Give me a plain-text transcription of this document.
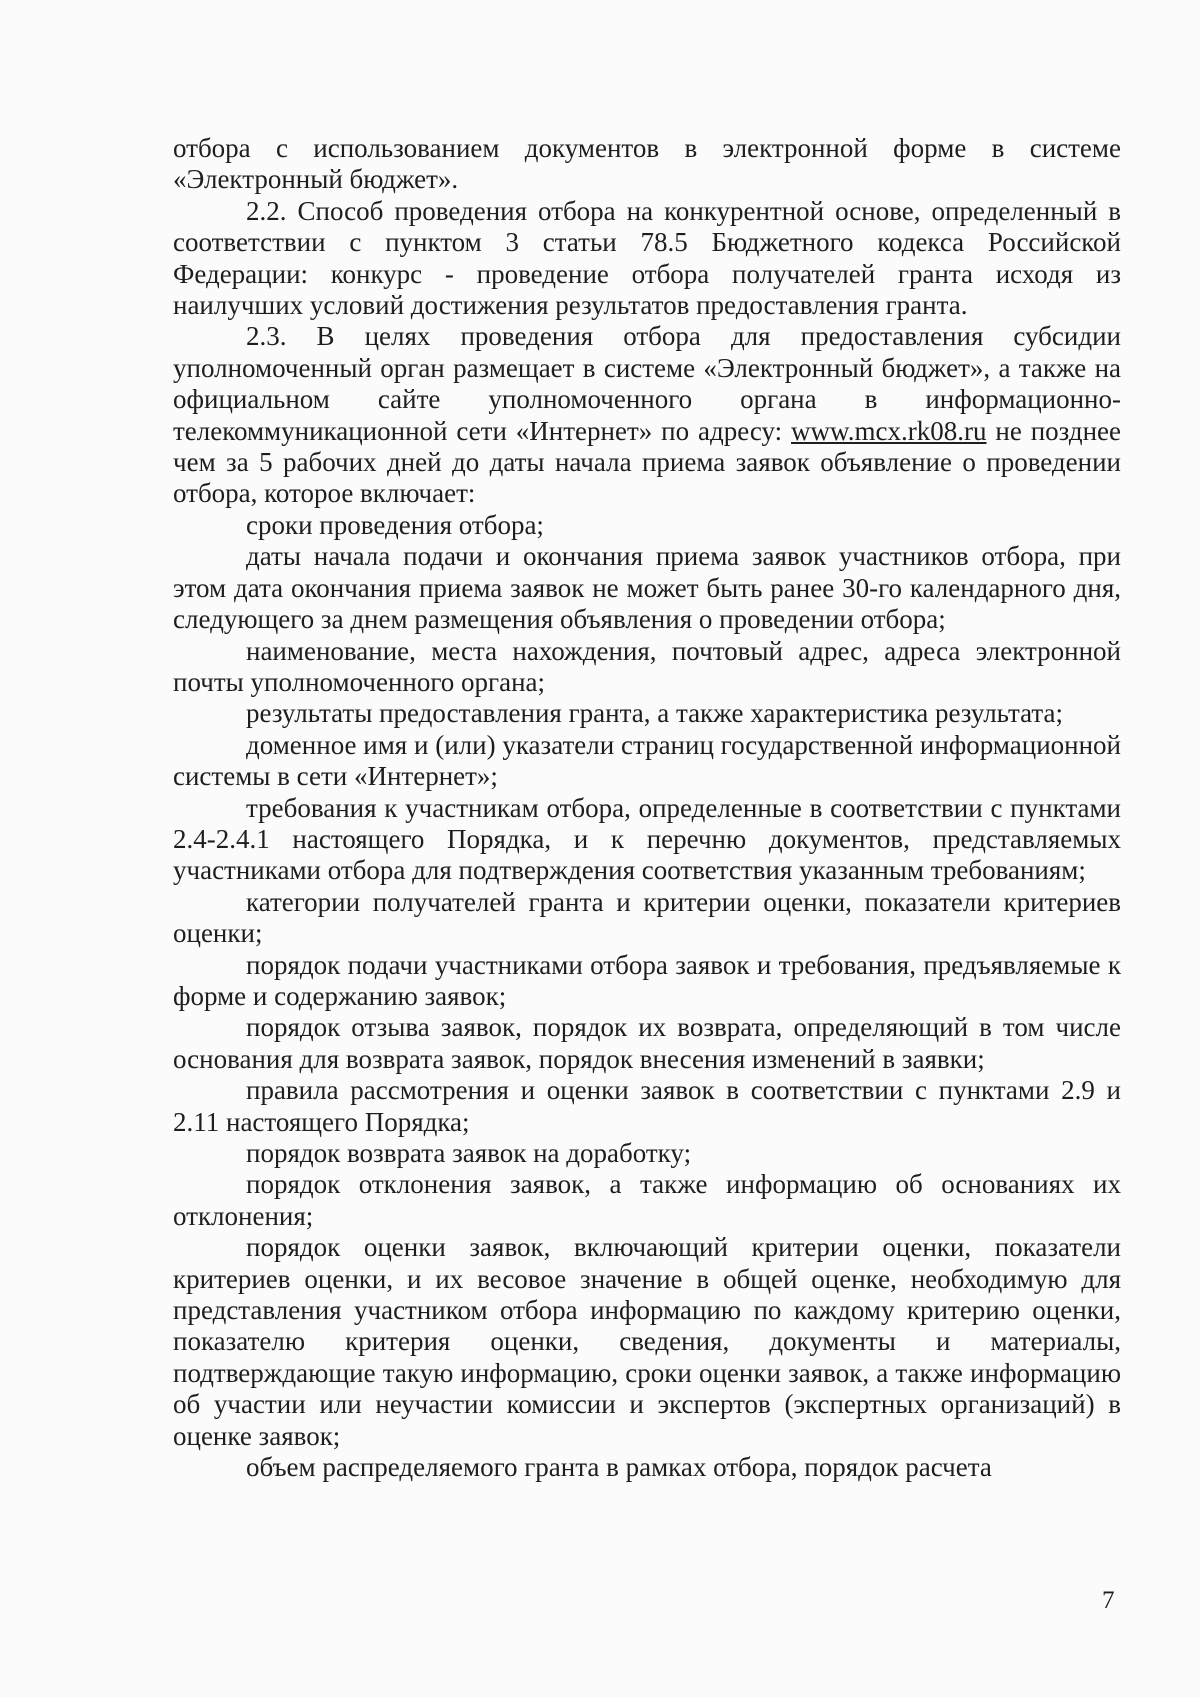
отбора с использованием документов в электронной форме в системе «Электронный бюджет».

2.2. Способ проведения отбора на конкурентной основе, определенный в соответствии с пунктом 3 статьи 78.5 Бюджетного кодекса Российской Федерации: конкурс - проведение отбора получателей гранта исходя из наилучших условий достижения результатов предоставления гранта.

2.3. В целях проведения отбора для предоставления субсидии уполномоченный орган размещает в системе «Электронный бюджет», а также на официальном сайте уполномоченного органа в информационно-телекоммуникационной сети «Интернет» по адресу: www.mcx.rk08.ru не позднее чем за 5 рабочих дней до даты начала приема заявок объявление о проведении отбора, которое включает:

сроки проведения отбора;

даты начала подачи и окончания приема заявок участников отбора, при этом дата окончания приема заявок не может быть ранее 30-го календарного дня, следующего за днем размещения объявления о проведении отбора;

наименование, места нахождения, почтовый адрес, адреса электронной почты уполномоченного органа;

результаты предоставления гранта, а также характеристика результата;

доменное имя и (или) указатели страниц государственной информационной системы в сети «Интернет»;

требования к участникам отбора, определенные в соответствии с пунктами 2.4-2.4.1 настоящего Порядка, и к перечню документов, представляемых участниками отбора для подтверждения соответствия указанным требованиям;

категории получателей гранта и критерии оценки, показатели критериев оценки;

порядок подачи участниками отбора заявок и требования, предъявляемые к форме и содержанию заявок;

порядок отзыва заявок, порядок их возврата, определяющий в том числе основания для возврата заявок, порядок внесения изменений в заявки;

правила рассмотрения и оценки заявок в соответствии с пунктами 2.9 и 2.11 настоящего Порядка;

порядок возврата заявок на доработку;

порядок отклонения заявок, а также информацию об основаниях их отклонения;

порядок оценки заявок, включающий критерии оценки, показатели критериев оценки, и их весовое значение в общей оценке, необходимую для представления участником отбора информацию по каждому критерию оценки, показателю критерия оценки, сведения, документы и материалы, подтверждающие такую информацию, сроки оценки заявок, а также информацию об участии или неучастии комиссии и экспертов (экспертных организаций) в оценке заявок;

объем распределяемого гранта в рамках отбора, порядок расчета

7
